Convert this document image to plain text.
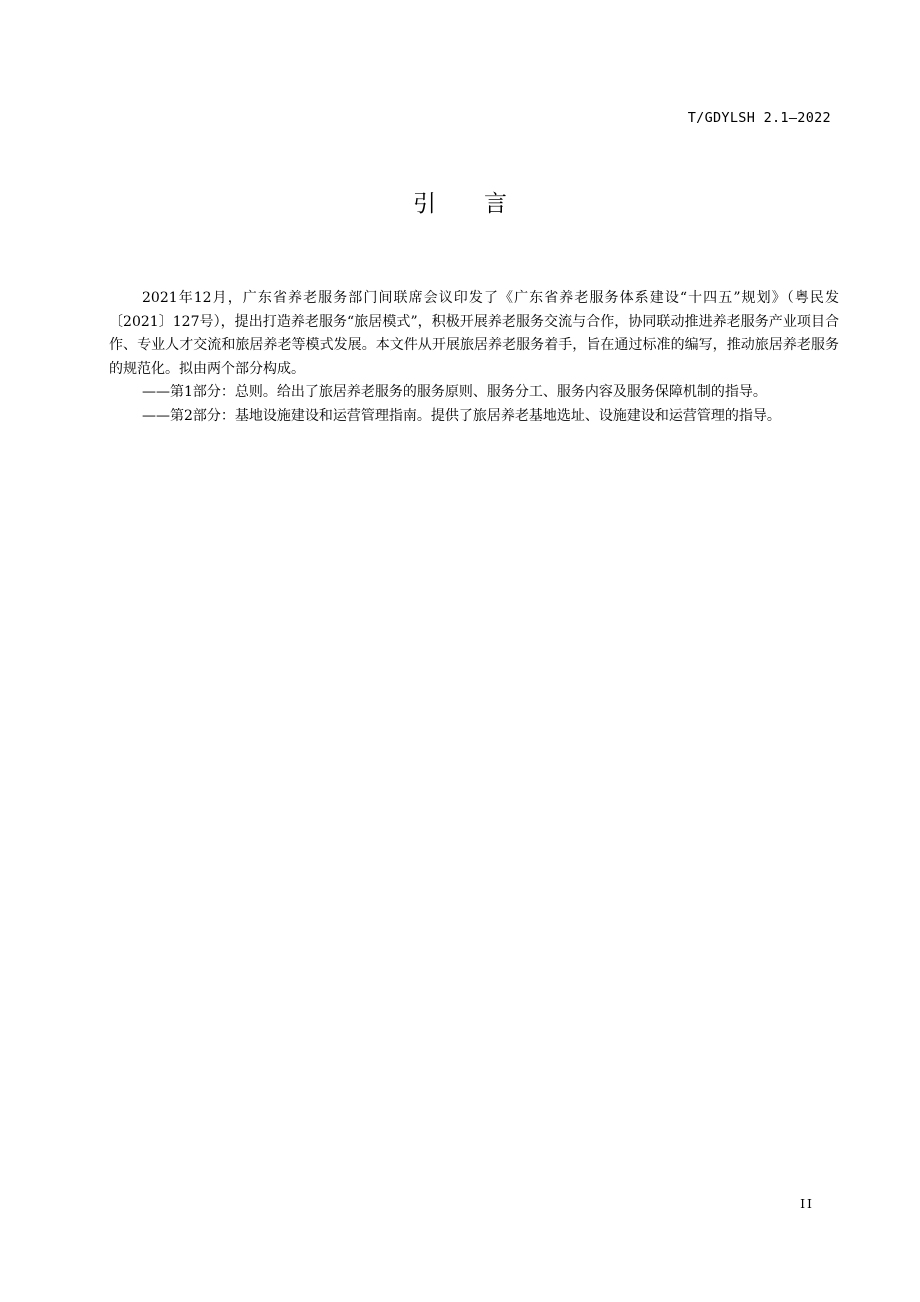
T/GDYLSH 2.1—2022
引言

2021年12月，广东省养老服务部门间联席会议印发了《广东省养老服务体系建设“十四五”规划》（粤民发〔2021〕127号），提出打造养老服务“旅居模式”，积极开展养老服务交流与合作，协同联动推进养老服务产业项目合作、专业人才交流和旅居养老等模式发展。本文件从开展旅居养老服务着手，旨在通过标准的编写，推动旅居养老服务的规范化。拟由两个部分构成。

——第1部分：总则。给出了旅居养老服务的服务原则、服务分工、服务内容及服务保障机制的指导。

——第2部分：基地设施建设和运营管理指南。提供了旅居养老基地选址、设施建设和运营管理的指导。

II
